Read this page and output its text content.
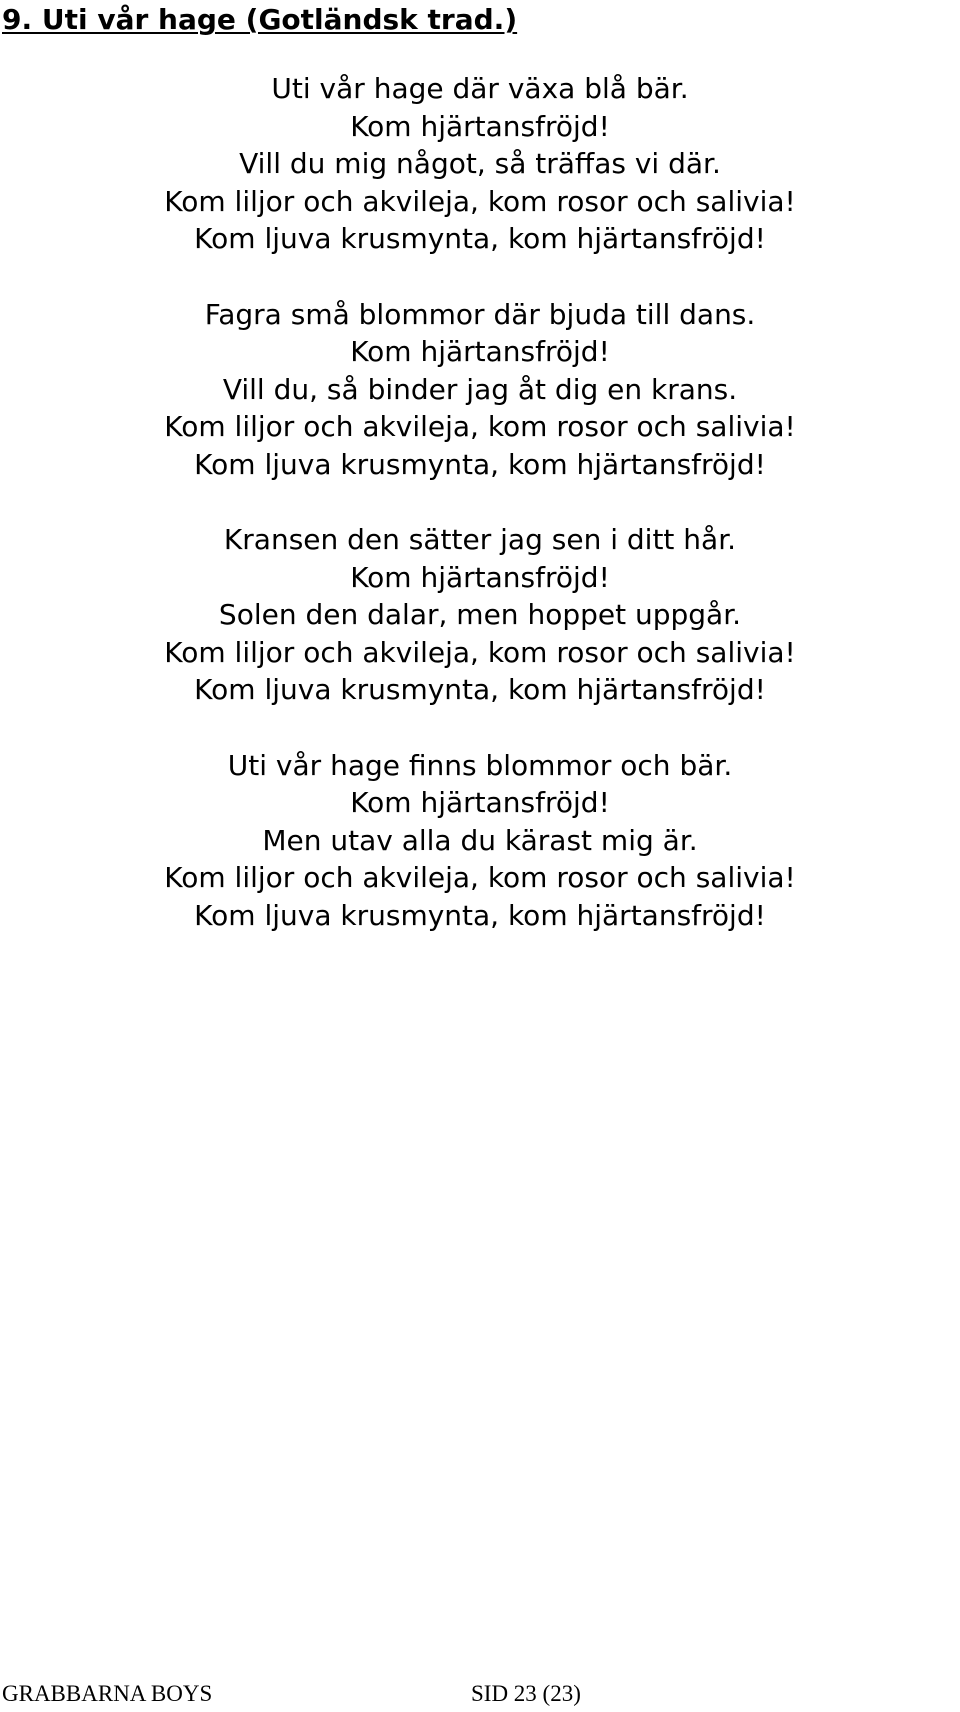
9. Uti vår hage (Gotländsk trad.)
Uti vår hage där växa blå bär.
Kom hjärtansfröjd!
Vill du mig något, så träffas vi där.
Kom liljor och akvileja, kom rosor och salivia!
Kom ljuva krusmynta, kom hjärtansfröjd!
Fagra små blommor där bjuda till dans.
Kom hjärtansfröjd!
Vill du, så binder jag åt dig en krans.
Kom liljor och akvileja, kom rosor och salivia!
Kom ljuva krusmynta, kom hjärtansfröjd!
Kransen den sätter jag sen i ditt hår.
Kom hjärtansfröjd!
Solen den dalar, men hoppet uppgår.
Kom liljor och akvileja, kom rosor och salivia!
Kom ljuva krusmynta, kom hjärtansfröjd!
Uti vår hage finns blommor och bär.
Kom hjärtansfröjd!
Men utav alla du kärast mig är.
Kom liljor och akvileja, kom rosor och salivia!
Kom ljuva krusmynta, kom hjärtansfröjd!
GRABBARNA BOYS	SID 23 (23)
